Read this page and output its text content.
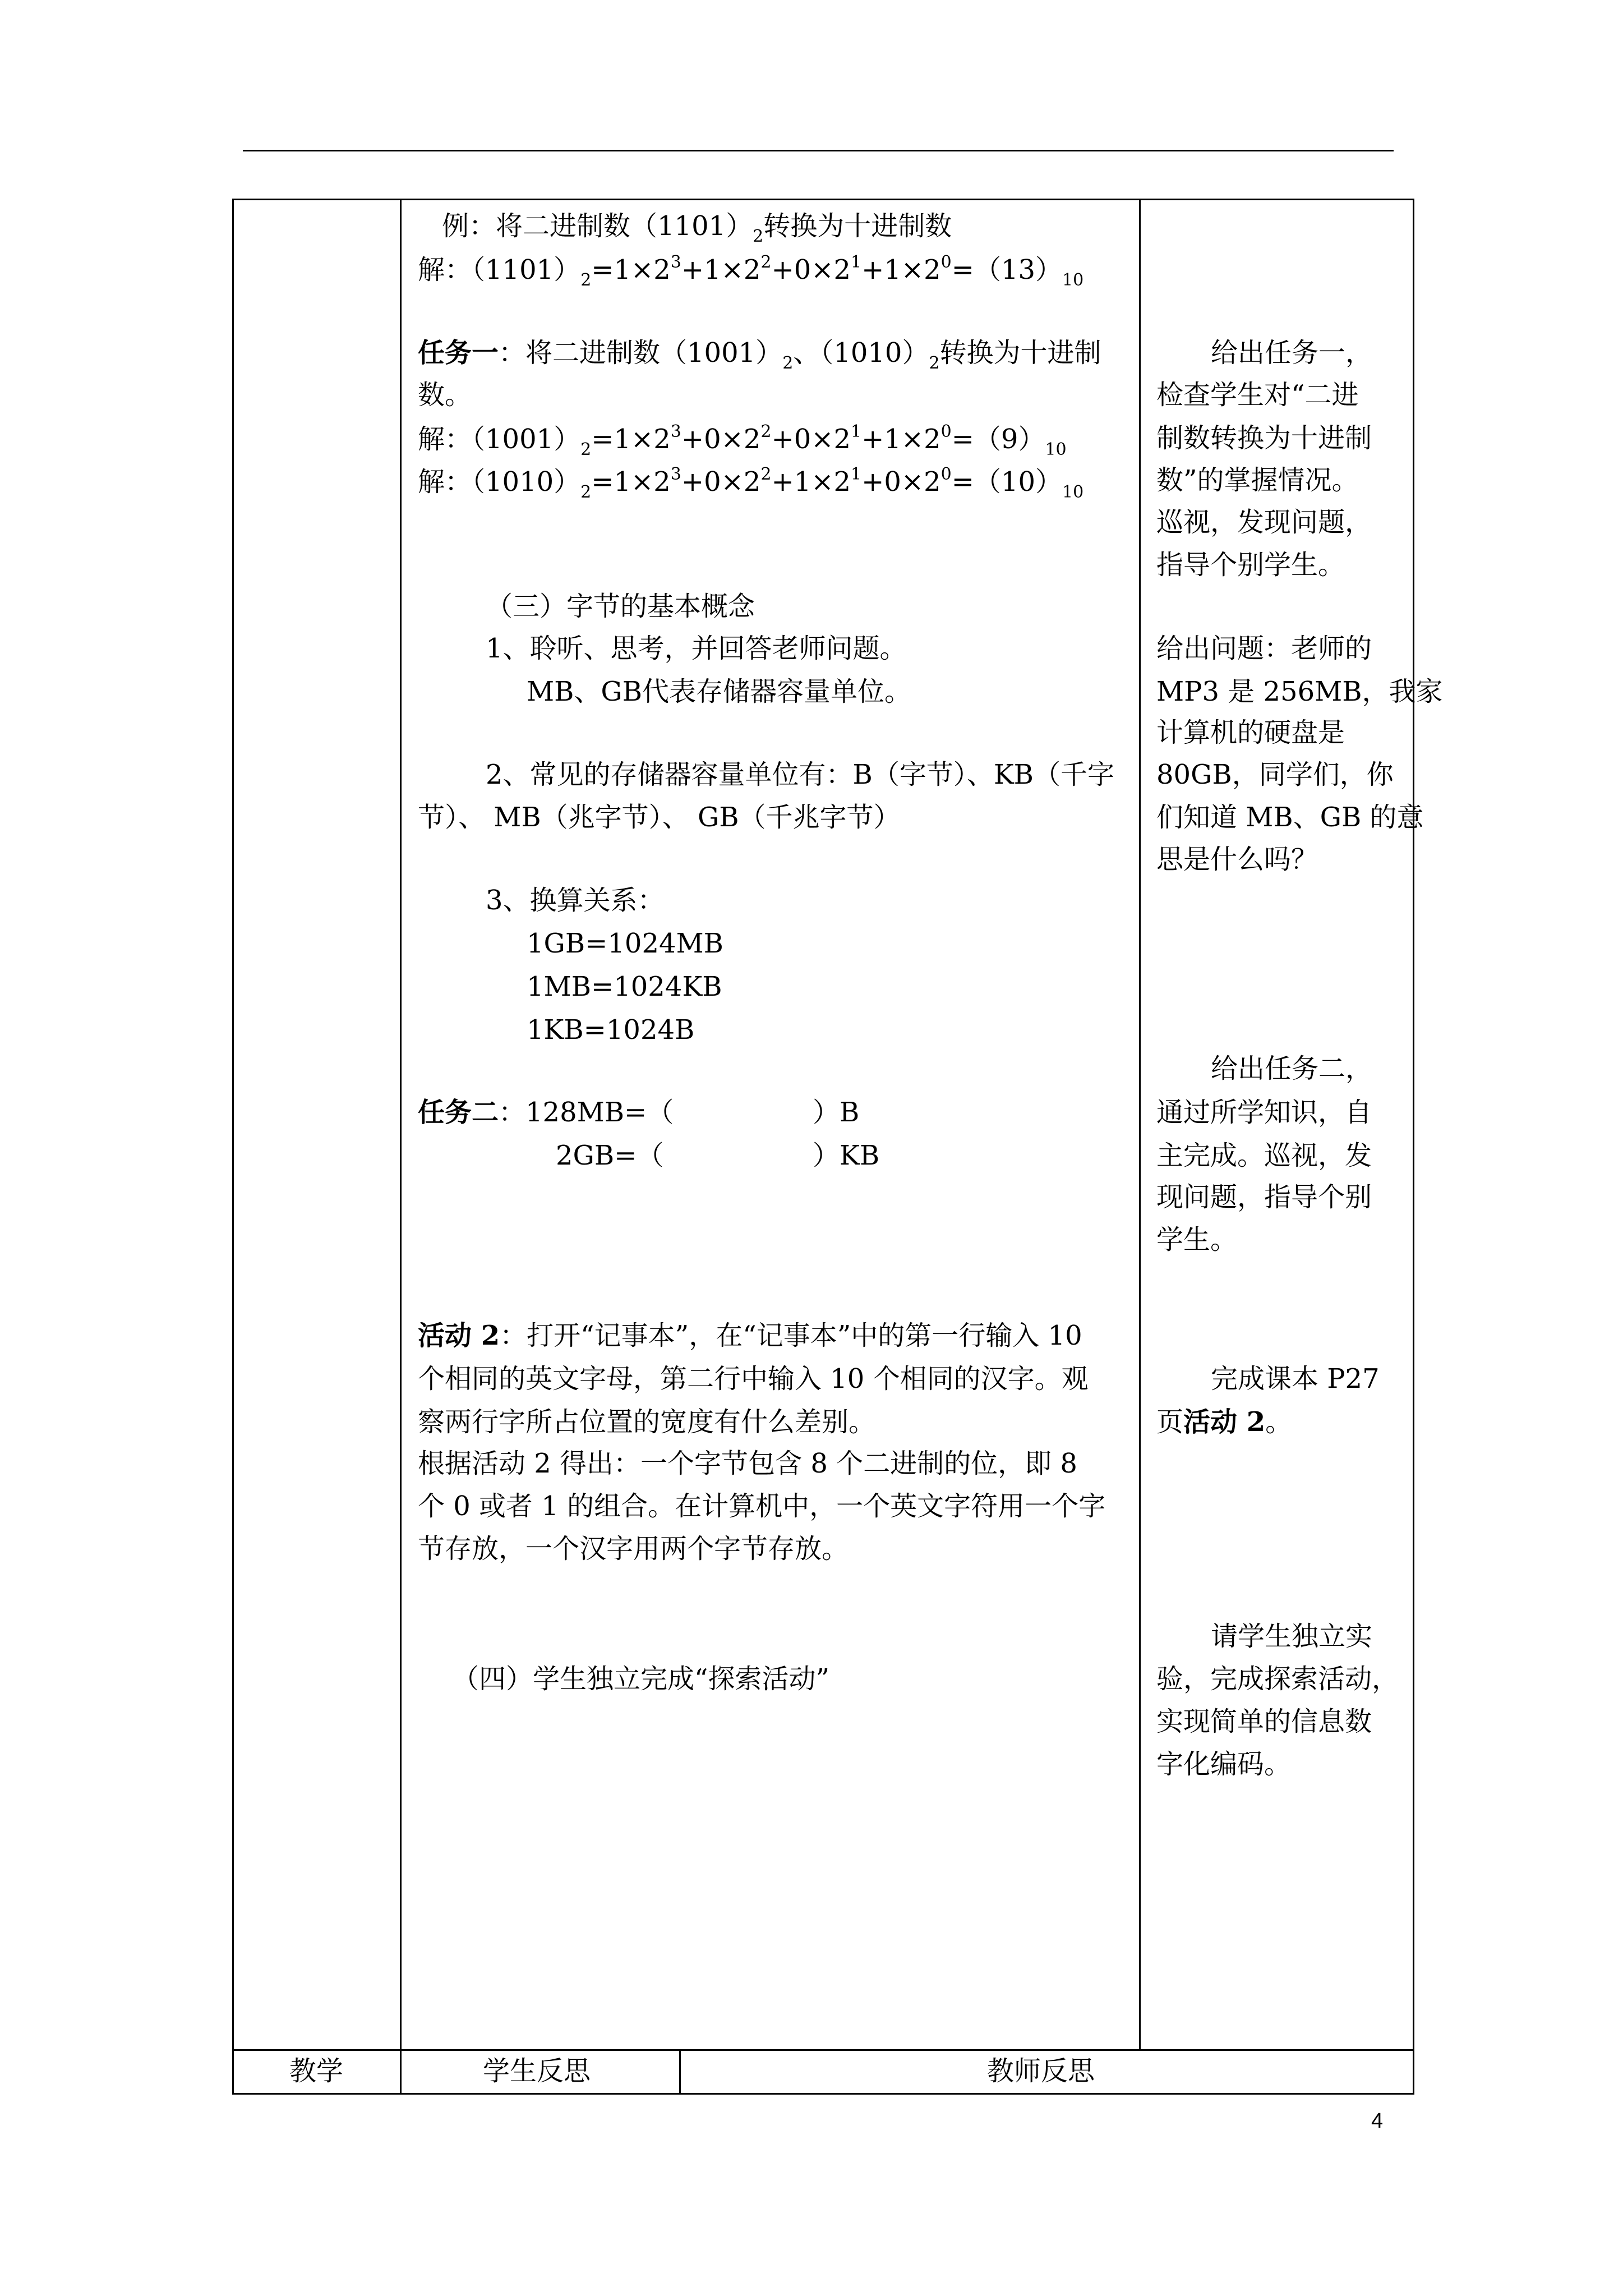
例：将二进制数$(1101)_2$转换为十进制数
解：$(1101)_2=1\times 2^3+1\times 2^2+0\times 2^1+1\times 2^0=(13)_{10}$
任务一：将二进制数$(1001)_2$、$(1010)_2$转换为十进制
数。
解：$(1001)_2=1\times 2^3+0\times 2^2+0\times 2^1+1\times 2^0=(9)_{10}$
解：$(1010)_2=1\times 2^3+0\times 2^2+1\times 2^1+0\times 2^0=(10)_{10}$
（三）字节的基本概念
1、聆听、思考，并回答老师问题。
MB、GB代表存储器容量单位。
2、常见的存储器容量单位有：B（字节）、KB（千字
节）、 MB（兆字节）、 GB（千兆字节）
3、换算关系：
1GB=1024MB
1MB=1024KB
1KB=1024B
任务二：128MB=（	）B
2GB=（	）KB
活动 2：打开“记事本”，在“记事本”中的第一行输入 10
个相同的英文字母，第二行中输入 10 个相同的汉字。观
察两行字所占位置的宽度有什么差别。
根据活动 2 得出：一个字节包含 8 个二进制的位，即 8
个 0 或者 1 的组合。在计算机中，一个英文字符用一个字
节存放，一个汉字用两个字节存放。
（四）学生独立完成“探索活动”
给出任务一，
检查学生对“二进
制数转换为十进制
数”的掌握情况。
巡视，发现问题，
指导个别学生。
给出问题：老师的
MP3 是 256MB，我家
计算机的硬盘是
80GB，同学们，你
们知道 MB、GB 的意
思是什么吗？
给出任务二，
通过所学知识，自
主完成。巡视，发
现问题，指导个别
学生。
完成课本 P27
页活动 2。
请学生独立实
验，完成探索活动，
实现简单的信息数
字化编码。
教学	学生反思	教师反思
4
